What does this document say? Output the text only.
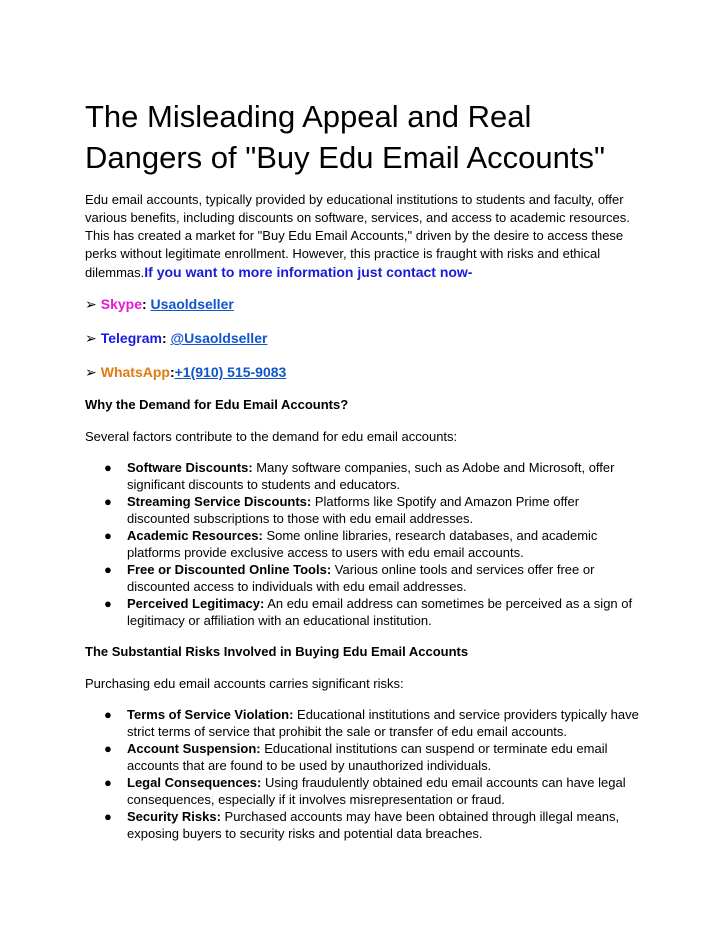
The Misleading Appeal and Real Dangers of "Buy Edu Email Accounts"

Edu email accounts, typically provided by educational institutions to students and faculty, offer various benefits, including discounts on software, services, and access to academic resources. This has created a market for "Buy Edu Email Accounts," driven by the desire to access these perks without legitimate enrollment. However, this practice is fraught with risks and ethical dilemmas.If you want to more information just contact now-

➢ Skype: Usaoldseller

➢ Telegram: @Usaoldseller

➢ WhatsApp:+1(910) 515-9083

Why the Demand for Edu Email Accounts?

Several factors contribute to the demand for edu email accounts:

● Software Discounts: Many software companies, such as Adobe and Microsoft, offer significant discounts to students and educators.
● Streaming Service Discounts: Platforms like Spotify and Amazon Prime offer discounted subscriptions to those with edu email addresses.
● Academic Resources: Some online libraries, research databases, and academic platforms provide exclusive access to users with edu email accounts.
● Free or Discounted Online Tools: Various online tools and services offer free or discounted access to individuals with edu email addresses.
● Perceived Legitimacy: An edu email address can sometimes be perceived as a sign of legitimacy or affiliation with an educational institution.

The Substantial Risks Involved in Buying Edu Email Accounts

Purchasing edu email accounts carries significant risks:

● Terms of Service Violation: Educational institutions and service providers typically have strict terms of service that prohibit the sale or transfer of edu email accounts.
● Account Suspension: Educational institutions can suspend or terminate edu email accounts that are found to be used by unauthorized individuals.
● Legal Consequences: Using fraudulently obtained edu email accounts can have legal consequences, especially if it involves misrepresentation or fraud.
● Security Risks: Purchased accounts may have been obtained through illegal means, exposing buyers to security risks and potential data breaches.
